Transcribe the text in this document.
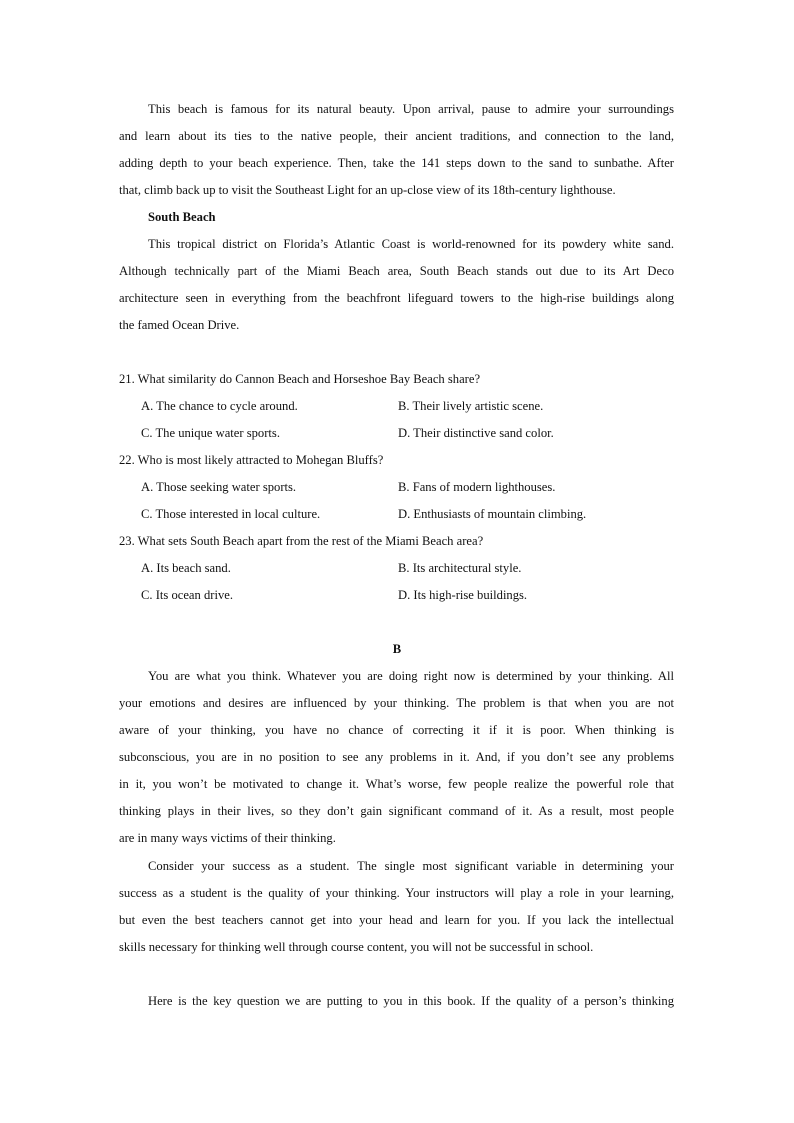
This beach is famous for its natural beauty. Upon arrival, pause to admire your surroundings
and learn about its ties to the native people, their ancient traditions, and connection to the land,
adding depth to your beach experience. Then, take the 141 steps down to the sand to sunbathe. After
that, climb back up to visit the Southeast Light for an up-close view of its 18th-century lighthouse.

South Beach

This tropical district on Florida’s Atlantic Coast is world-renowned for its powdery white sand.
Although technically part of the Miami Beach area, South Beach stands out due to its Art Deco
architecture seen in everything from the beachfront lifeguard towers to the high-rise buildings along
the famed Ocean Drive.

21. What similarity do Cannon Beach and Horseshoe Bay Beach share?
A. The chance to cycle around.	B. Their lively artistic scene.
C. The unique water sports.	D. Their distinctive sand color.
22. Who is most likely attracted to Mohegan Bluffs?
A. Those seeking water sports.	B. Fans of modern lighthouses.
C. Those interested in local culture.	D. Enthusiasts of mountain climbing.
23. What sets South Beach apart from the rest of the Miami Beach area?
A. Its beach sand.	B. Its architectural style.
C. Its ocean drive.	D. Its high-rise buildings.
B

You are what you think. Whatever you are doing right now is determined by your thinking. All
your emotions and desires are influenced by your thinking. The problem is that when you are not
aware of your thinking, you have no chance of correcting it if it is poor. When thinking is
subconscious, you are in no position to see any problems in it. And, if you don’t see any problems
in it, you won’t be motivated to change it. What’s worse, few people realize the powerful role that
thinking plays in their lives, so they don’t gain significant command of it. As a result, most people
are in many ways victims of their thinking.

Consider your success as a student. The single most significant variable in determining your
success as a student is the quality of your thinking. Your instructors will play a role in your learning,
but even the best teachers cannot get into your head and learn for you. If you lack the intellectual
skills necessary for thinking well through course content, you will not be successful in school.

Here is the key question we are putting to you in this book. If the quality of a person’s thinking
